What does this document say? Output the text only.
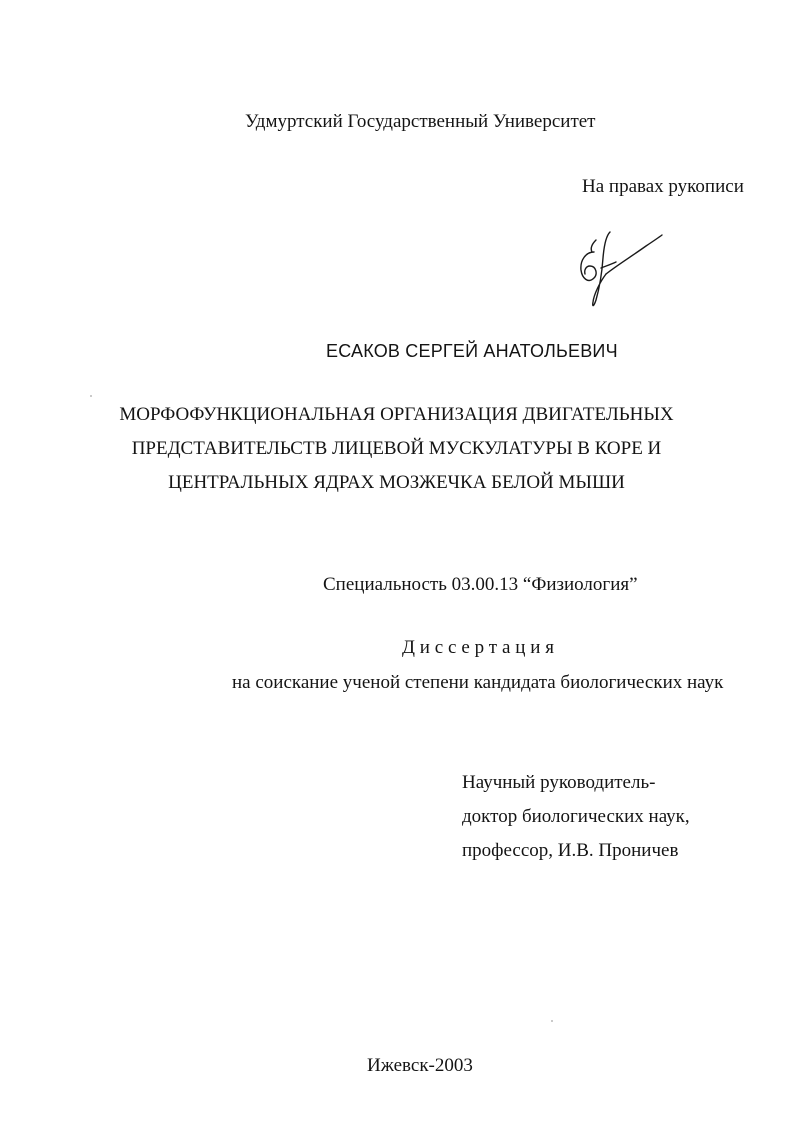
Удмуртский Государственный Университет
На правах рукописи
ЕСАКОВ СЕРГЕЙ АНАТОЛЬЕВИЧ
МОРФОФУНКЦИОНАЛЬНАЯ ОРГАНИЗАЦИЯ ДВИГАТЕЛЬНЫХ
ПРЕДСТАВИТЕЛЬСТВ ЛИЦЕВОЙ МУСКУЛАТУРЫ В КОРЕ И
ЦЕНТРАЛЬНЫХ ЯДРАХ МОЗЖЕЧКА БЕЛОЙ МЫШИ
Специальность 03.00.13 “Физиология”
Диссертация
на соискание ученой степени кандидата биологических наук
Научный руководитель-
доктор биологических наук,
профессор, И.В. Проничев
Ижевск-2003
